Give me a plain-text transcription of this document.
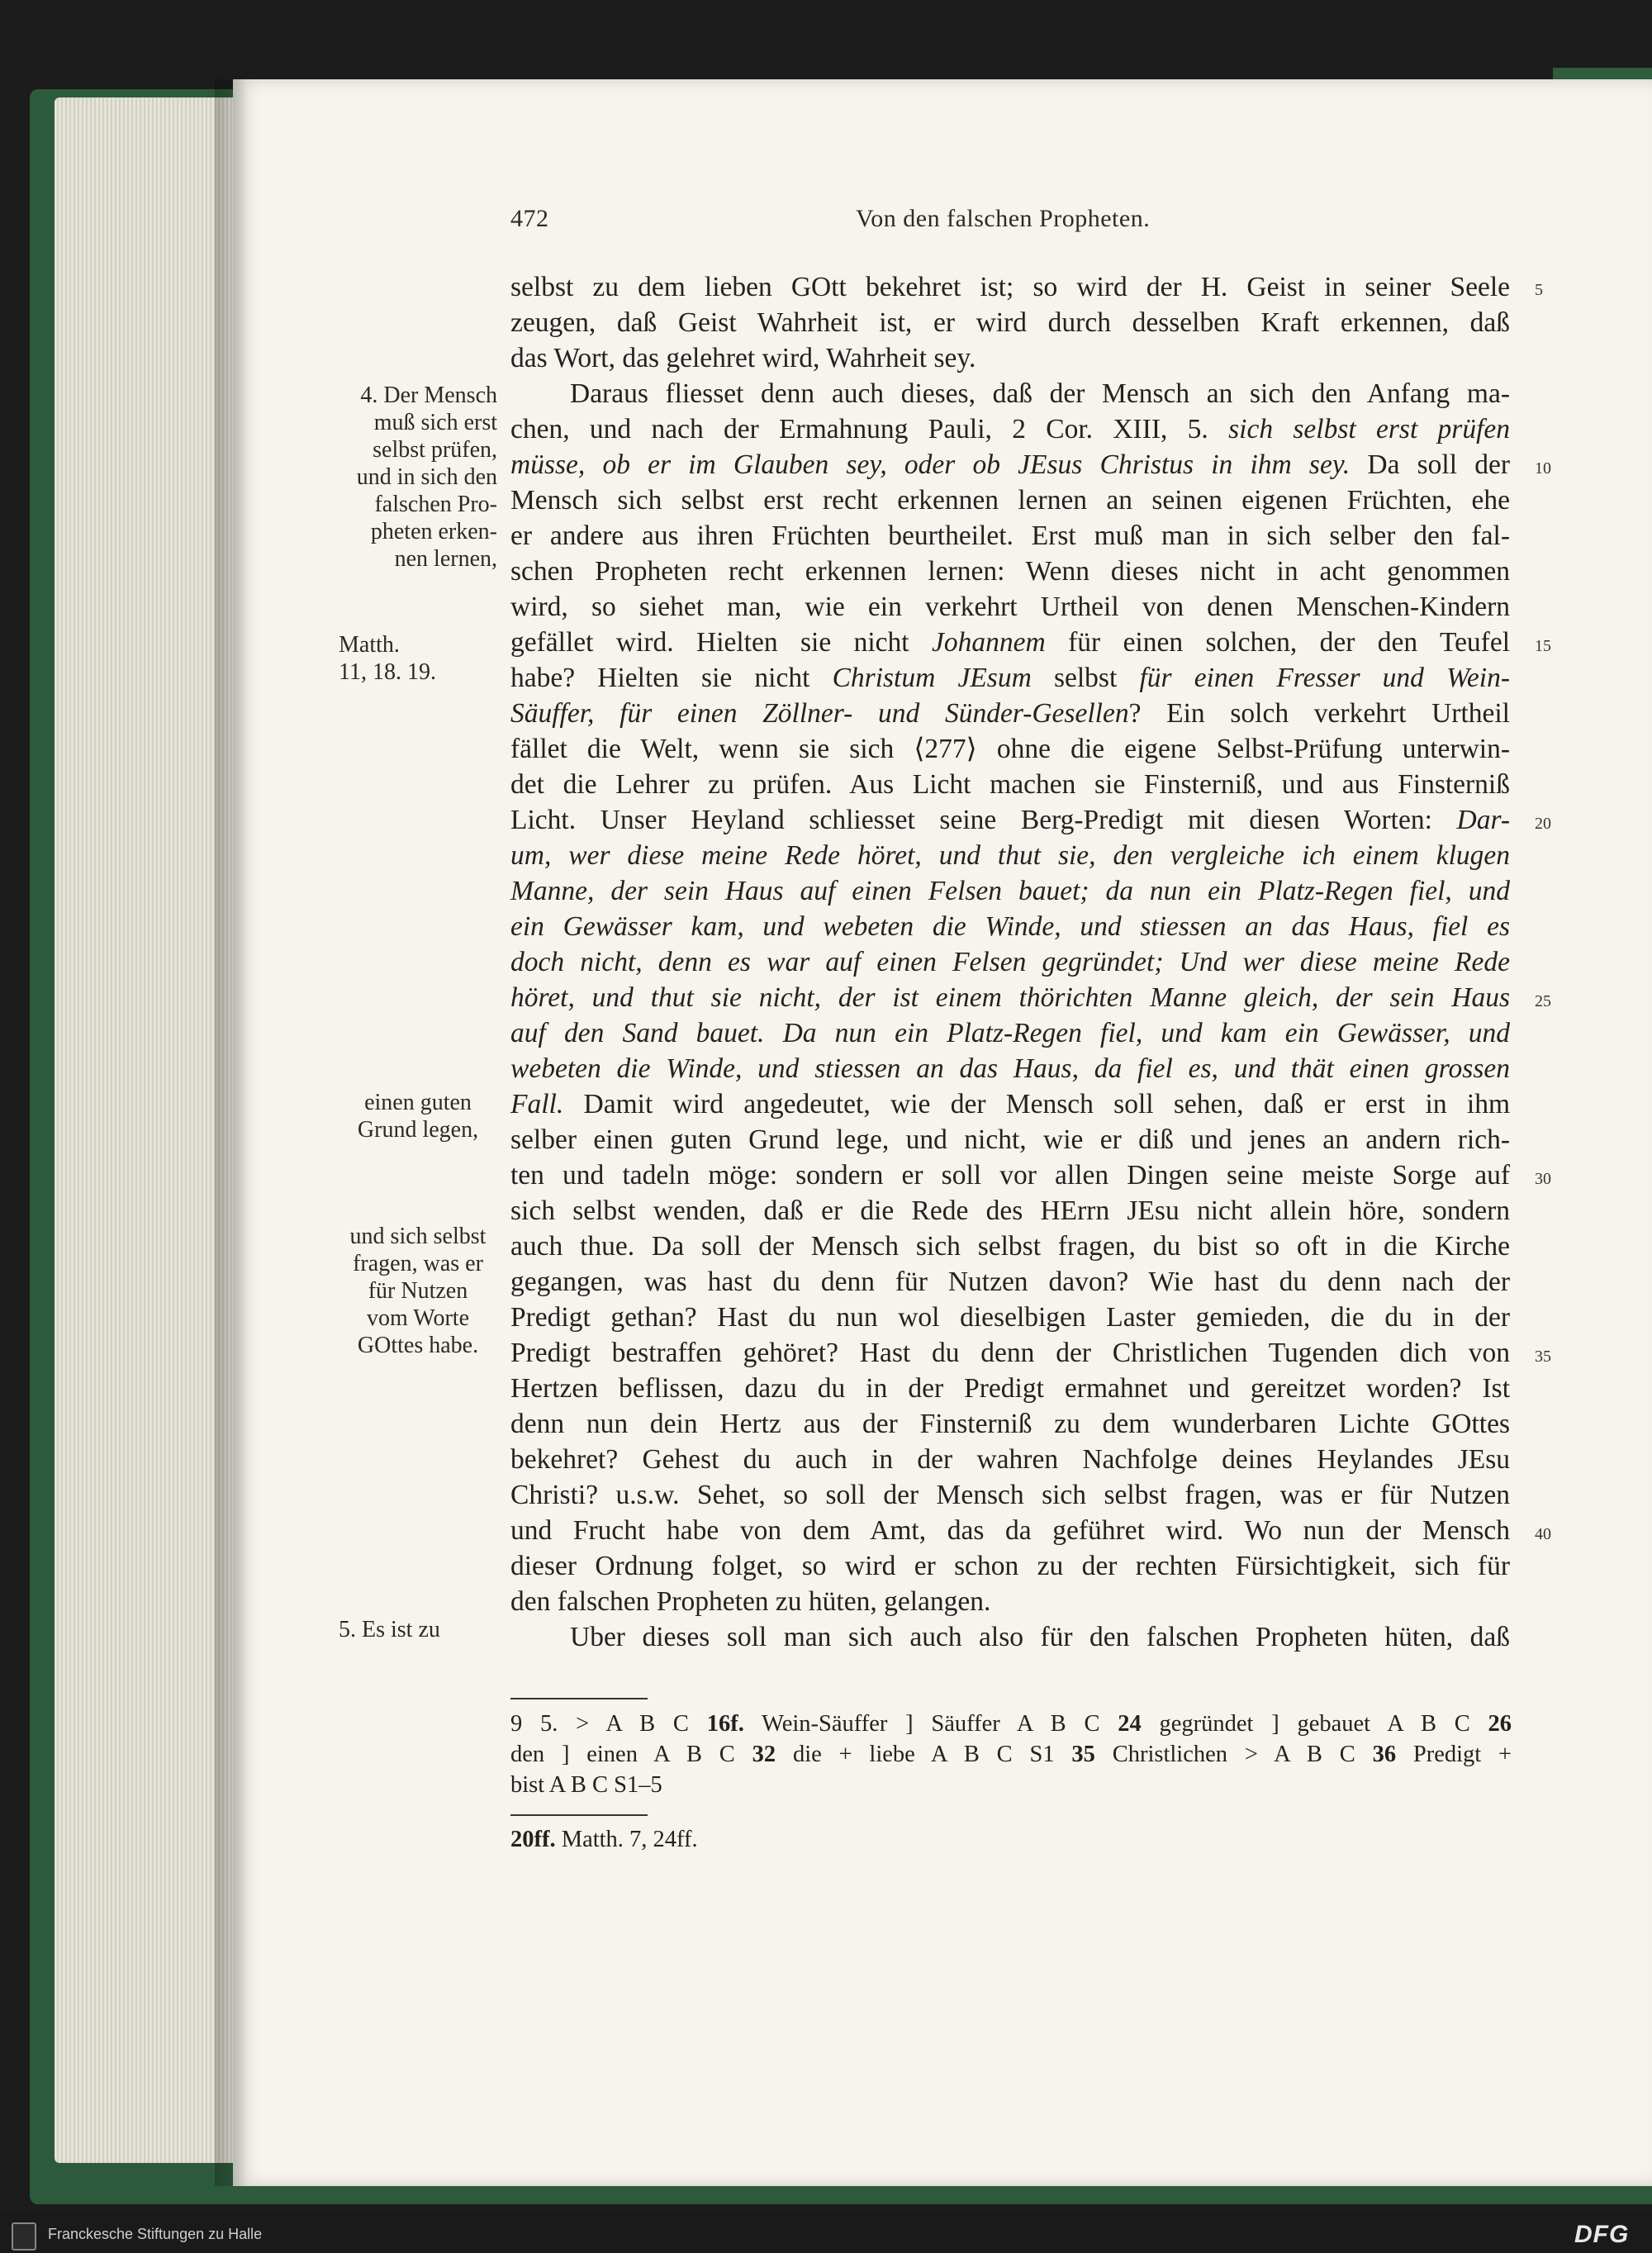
472	Von den falschen Propheten.
selbst zu dem lieben GOtt bekehret ist; so wird der H. Geist in seiner Seele
zeugen, daß Geist Wahrheit ist, er wird durch desselben Kraft erkennen, daß
das Wort, das gelehret wird, Wahrheit sey.
Daraus fliesset denn auch dieses, daß der Mensch an sich den Anfang ma-
chen, und nach der Ermahnung Pauli, 2 Cor. XIII, 5. sich selbst erst prüfen
müsse, ob er im Glauben sey, oder ob JEsus Christus in ihm sey. Da soll der
Mensch sich selbst erst recht erkennen lernen an seinen eigenen Früchten, ehe
er andere aus ihren Früchten beurtheilet. Erst muß man in sich selber den fal-
schen Propheten recht erkennen lernen: Wenn dieses nicht in acht genommen
wird, so siehet man, wie ein verkehrt Urtheil von denen Menschen-Kindern
gefället wird. Hielten sie nicht Johannem für einen solchen, der den Teufel
habe? Hielten sie nicht Christum JEsum selbst für einen Fresser und Wein-
Säuffer, für einen Zöllner- und Sünder-Gesellen? Ein solch verkehrt Urtheil
fället die Welt, wenn sie sich ⟨277⟩ ohne die eigene Selbst-Prüfung unterwin-
det die Lehrer zu prüfen. Aus Licht machen sie Finsterniß, und aus Finsterniß
Licht. Unser Heyland schliesset seine Berg-Predigt mit diesen Worten: Dar-
um, wer diese meine Rede höret, und thut sie, den vergleiche ich einem klugen
Manne, der sein Haus auf einen Felsen bauet; da nun ein Platz-Regen fiel, und
ein Gewässer kam, und webeten die Winde, und stiessen an das Haus, fiel es
doch nicht, denn es war auf einen Felsen gegründet; Und wer diese meine Rede
höret, und thut sie nicht, der ist einem thörichten Manne gleich, der sein Haus
auf den Sand bauet. Da nun ein Platz-Regen fiel, und kam ein Gewässer, und
webeten die Winde, und stiessen an das Haus, da fiel es, und thät einen grossen
Fall. Damit wird angedeutet, wie der Mensch soll sehen, daß er erst in ihm
selber einen guten Grund lege, und nicht, wie er diß und jenes an andern rich-
ten und tadeln möge: sondern er soll vor allen Dingen seine meiste Sorge auf
sich selbst wenden, daß er die Rede des HErrn JEsu nicht allein höre, sondern
auch thue. Da soll der Mensch sich selbst fragen, du bist so oft in die Kirche
gegangen, was hast du denn für Nutzen davon? Wie hast du denn nach der
Predigt gethan? Hast du nun wol dieselbigen Laster gemieden, die du in der
Predigt bestraffen gehöret? Hast du denn der Christlichen Tugenden dich von
Hertzen beflissen, dazu du in der Predigt ermahnet und gereitzet worden? Ist
denn nun dein Hertz aus der Finsterniß zu dem wunderbaren Lichte GOttes
bekehret? Gehest du auch in der wahren Nachfolge deines Heylandes JEsu
Christi? u.s.w. Sehet, so soll der Mensch sich selbst fragen, was er für Nutzen
und Frucht habe von dem Amt, das da geführet wird. Wo nun der Mensch
dieser Ordnung folget, so wird er schon zu der rechten Fürsichtigkeit, sich für
den falschen Propheten zu hüten, gelangen.
Uber dieses soll man sich auch also für den falschen Propheten hüten, daß
4. Der Mensch
muß sich erst
selbst prüfen,
und in sich den
falschen Pro-
pheten erken-
nen lernen,
Matth.
11, 18. 19.
einen guten
Grund legen,
und sich selbst
fragen, was er
für Nutzen
vom Worte
GOttes habe.
5. Es ist zu
5
10
15
20
25
30
35
40
9 5. > A B C 16f. Wein-Säuffer ] Säuffer A B C 24 gegründet ] gebauet A B C 26
den ] einen A B C 32 die + liebe A B C S1 35 Christlichen > A B C 36 Predigt +
bist A B C S1–5
20ff. Matth. 7, 24ff.
Franckesche Stiftungen zu Halle	DFG
